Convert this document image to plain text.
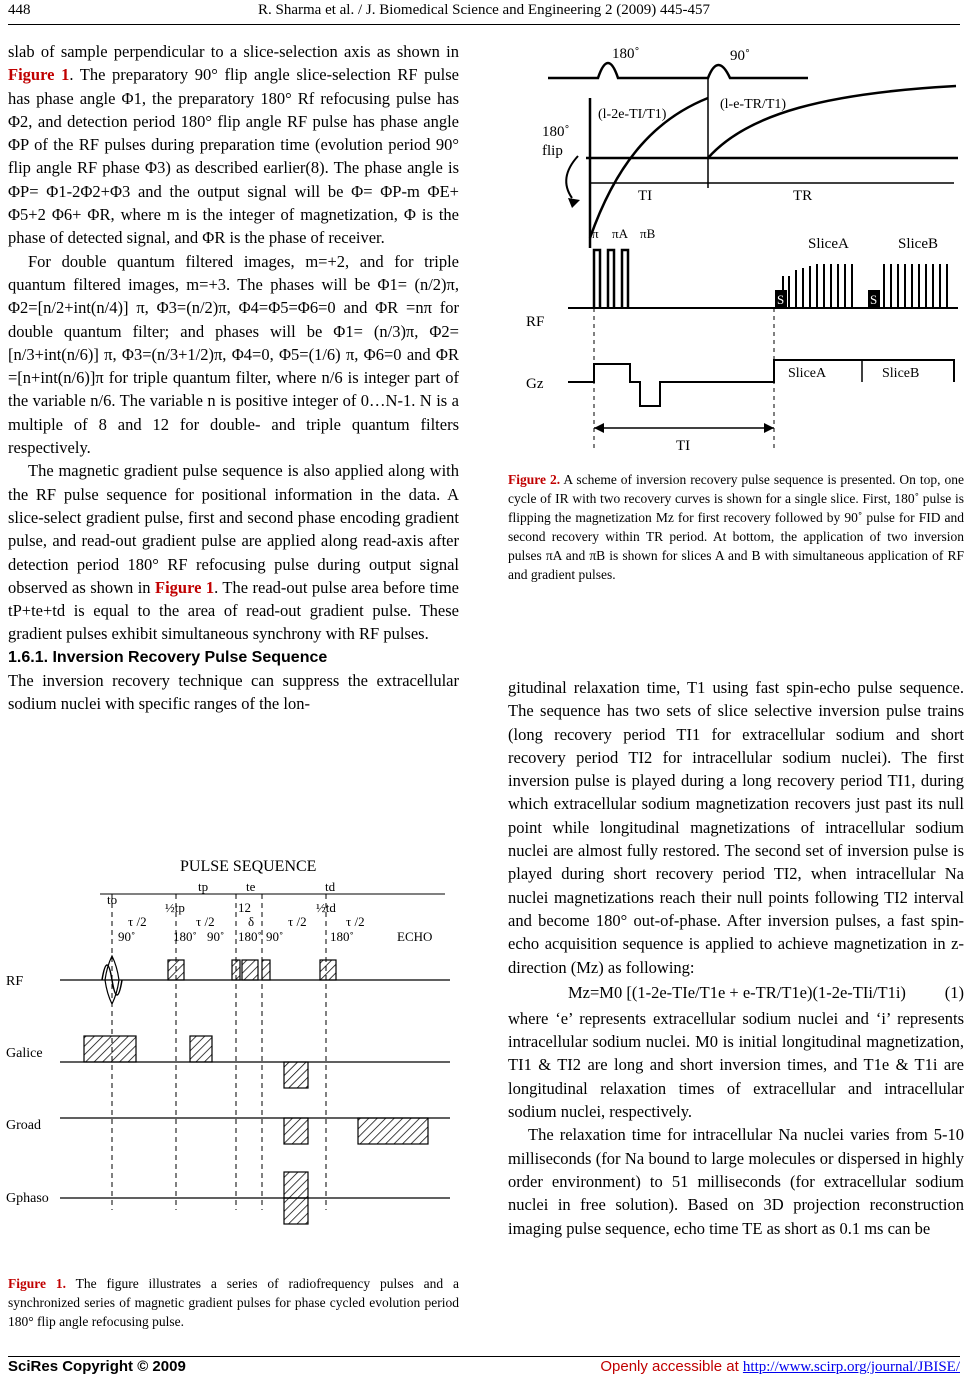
448	R. Sharma et al. / J. Biomedical Science and Engineering 2 (2009) 445-457

slab of sample perpendicular to a slice-selection axis as shown in Figure 1. The preparatory 90° flip angle slice-selection RF pulse has phase angle Φ1, the preparatory 180° Rf refocusing pulse has Φ2, and detection period 180° flip angle RF pulse has phase angle ΦP of the RF pulses during preparation time (evolution period 90° flip angle RF phase Φ3) as described earlier(8). The phase angle is ΦP= Φ1-2Φ2+Φ3 and the output signal will be Φ= ΦP-m ΦE+ Φ5+2 Φ6+ ΦR, where m is the integer of magnetization, Φ is the phase of detected signal, and ΦR is the phase of receiver.

For double quantum filtered images, m=+2, and for triple quantum filtered images, m=+3. The phases will be Φ1= (n/2)π, Φ2=[n/2+int(n/4)] π, Φ3=(n/2)π, Φ4=Φ5=Φ6=0 and ΦR =nπ for double quantum filter; and phases will be Φ1= (n/3)π, Φ2=[n/3+int(n/6)] π, Φ3=(n/3+1/2)π, Φ4=0, Φ5=(1/6) π, Φ6=0 and ΦR =[n+int(n/6)]π for triple quantum filter, where n/6 is integer part of the variable n/6. The variable n is positive integer of 0…N-1. N is a multiple of 8 and 12 for double- and triple quantum filters respectively.

The magnetic gradient pulse sequence is also applied along with the RF pulse sequence for positional information in the data. A slice-select gradient pulse, first and second phase encoding gradient pulse, and read-out gradient pulse are applied along read-axis after detection period 180° RF refocusing pulse during output signal observed as shown in Figure 1. The read-out pulse area before time tP+te+td is equal to the area of read-out gradient pulse. These gradient pulses exhibit simultaneous synchrony with RF pulses.

1.6.1. Inversion Recovery Pulse Sequence

The inversion recovery technique can suppress the extracellular sodium nuclei with specific ranges of the lon-

PULSE SEQUENCE
to
tp	te	td
½tp	12	½td
δ
τ /2	τ /2	τ /2	τ /2
90˚	180˚ 90˚ 180˚ 90˚	180˚	ECHO
RF
Galice
Groad
Gphaso
Figure 1. The figure illustrates a series of radiofrequency pulses and a synchronized series of magnetic gradient pulses for phase cycled evolution period 180° flip angle refocusing pulse.
180˚	90˚
(l-2e-TI/T1)
(l-e-TR/T1)
180˚
flip
TI	TR
π πA πB
SliceA	SliceB
RF
S	S
Gz
SliceA	SliceB
TI
Figure 2. A scheme of inversion recovery pulse sequence is presented. On top, one cycle of IR with two recovery curves is shown for a single slice. First, 180˚ pulse is flipping the magnetization Mz for first recovery followed by 90˚ pulse for FID and second recovery within TR period. At bottom, the application of two inversion pulses πA and πB is shown for slices A and B with simultaneous application of RF and gradient pulses.

gitudinal relaxation time, T1 using fast spin-echo pulse sequence. The sequence has two sets of slice selective inversion pulse trains (long recovery period TI1 for extracellular sodium and short recovery period TI2 for intracellular sodium nuclei). The first inversion pulse is played during a long recovery period TI1, during which extracellular sodium magnetization recovers just past its null point while longitudinal magnetizations of intracellular sodium nuclei are almost fully restored. The second set of inversion pulse is played during short recovery period TI2, when intracellular Na nuclei magnetizations reach their null points following TI2 interval and become 180° out-of-phase. After inversion pulses, a fast spin-echo acquisition sequence is applied to achieve magnetization in z-direction (Mz) as following:

Mz=M0 [(1-2e-TIe/T1e + e-TR/T1e)(1-2e-TIi/T1i) (1)

where ‘e’ represents extracellular sodium nuclei and ‘i’ represents intracellular sodium nuclei. M0 is initial longitudinal magnetization, TI1 & TI2 are long and short inversion times, and T1e & T1i are longitudinal relaxation times of extracellular and intracellular sodium nuclei, respectively.

The relaxation time for intracellular Na nuclei varies from 5-10 milliseconds (for Na bound to large molecules or dispersed in highly order environment) to 51 milliseconds (for extracellular sodium nuclei in free solution). Based on 3D projection reconstruction imaging pulse sequence, echo time TE as short as 0.1 ms can be

SciRes Copyright © 2009	Openly accessible at http://www.scirp.org/journal/JBISE/
